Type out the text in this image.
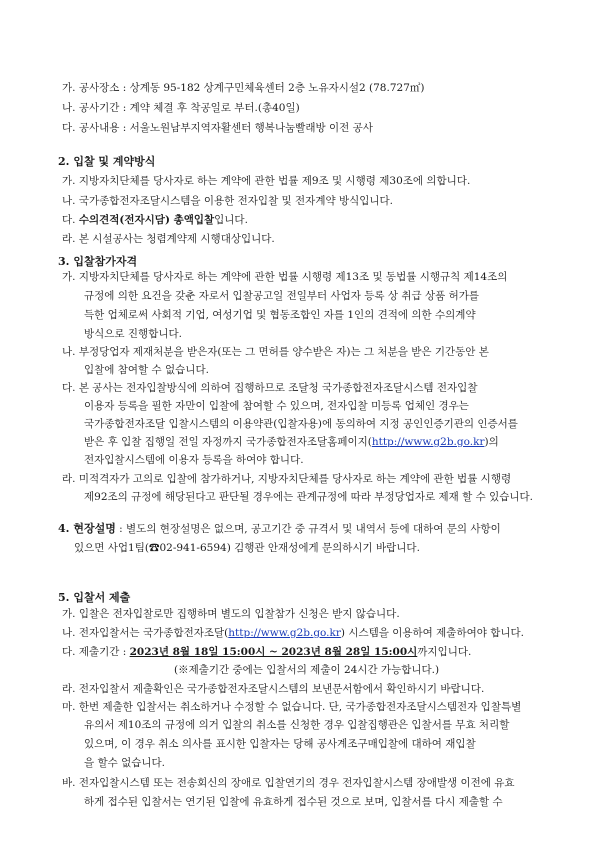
가. 공사장소 : 상계동 95-182 상계구민체육센터 2층 노유자시설2 (78.727㎡)
나. 공사기간 : 계약 체결 후 착공일로 부터.(총40일)
다. 공사내용 : 서울노원남부지역자활센터 행복나눔빨래방 이전 공사
2. 입찰 및 계약방식
가. 지방자치단체를 당사자로 하는 계약에 관한 법률 제9조 및 시행령 제30조에 의합니다.
나. 국가종합전자조달시스템을 이용한 전자입찰 및 전자계약 방식입니다.
다. 수의견적(전자시담) 총액입찰입니다.
라. 본 시설공사는 청렴계약제 시행대상입니다.
3. 입찰참가자격
가. 지방자치단체를 당사자로 하는 계약에 관한 법률 시행령 제13조 및 동법률 시행규칙 제14조의
규정에 의한 요건을 갖춘 자로서 입찰공고일 전일부터 사업자 등록 상 취급 상품 허가를
득한 업체로써 사회적 기업, 여성기업 및 협동조합인 자를 1인의 견적에 의한 수의계약
방식으로 진행합니다.
나. 부정당업자 제재처분을 받은자(또는 그 면허를 양수받은 자)는 그 처분을 받은 기간동안 본
입찰에 참여할 수 없습니다.
다. 본 공사는 전자입찰방식에 의하여 집행하므로 조달청 국가종합전자조달시스템 전자입찰
이용자 등록을 필한 자만이 입찰에 참여할 수 있으며, 전자입찰 미등록 업체인 경우는
국가종합전자조달 입찰시스템의 이용약관(입찰자용)에 동의하여 지정 공인인증기관의 인증서를
받은 후 입찰 집행일 전일 자정까지 국가종합전자조달홈페이지(http://www.g2b.go.kr)의
전자입찰시스템에 이용자 등록을 하여야 합니다.
라. 미적격자가 고의로 입찰에 참가하거나, 지방자치단체를 당사자로 하는 계약에 관한 법률 시행령
제92조의 규정에 해당된다고 판단될 경우에는 관계규정에 따라 부정당업자로 제재 할 수 있습니다.
4. 현장설명 : 별도의 현장설명은 없으며, 공고기간 중 규격서 및 내역서 등에 대하여 문의 사항이
있으면 사업1팀(☎02-941-6594) 김행관 안재성에게 문의하시기 바랍니다.
5. 입찰서 제출
가. 입찰은 전자입찰로만 집행하며 별도의 입찰참가 신청은 받지 않습니다.
나. 전자입찰서는 국가종합전자조달(http://www.g2b.go.kr) 시스템을 이용하여 제출하여야 합니다.
다. 제출기간 : 2023년 8월 18일 15:00시 ~ 2023년 8월 28일 15:00시까지입니다.
(※제출기간 중에는 입찰서의 제출이 24시간 가능합니다.)
라. 전자입찰서 제출확인은 국가종합전자조달시스템의 보낸문서함에서 확인하시기 바랍니다.
마. 한번 제출한 입찰서는 취소하거나 수정할 수 없습니다. 단, 국가종합전자조달시스템전자 입찰특별
유의서 제10조의 규정에 의거 입찰의 취소를 신청한 경우 입찰집행관은 입찰서를 무효 처리할
있으며, 이 경우 취소 의사를 표시한 입찰자는 당해 공사계조구매입찰에 대하여 재입찰
을 할수 없습니다.
바. 전자입찰시스템 또는 전송회신의 장애로 입찰연기의 경우 전자입찰시스템 장애발생 이전에 유효
하게 접수된 입찰서는 연기된 입찰에 유효하게 접수된 것으로 보며, 입찰서를 다시 제출할 수
